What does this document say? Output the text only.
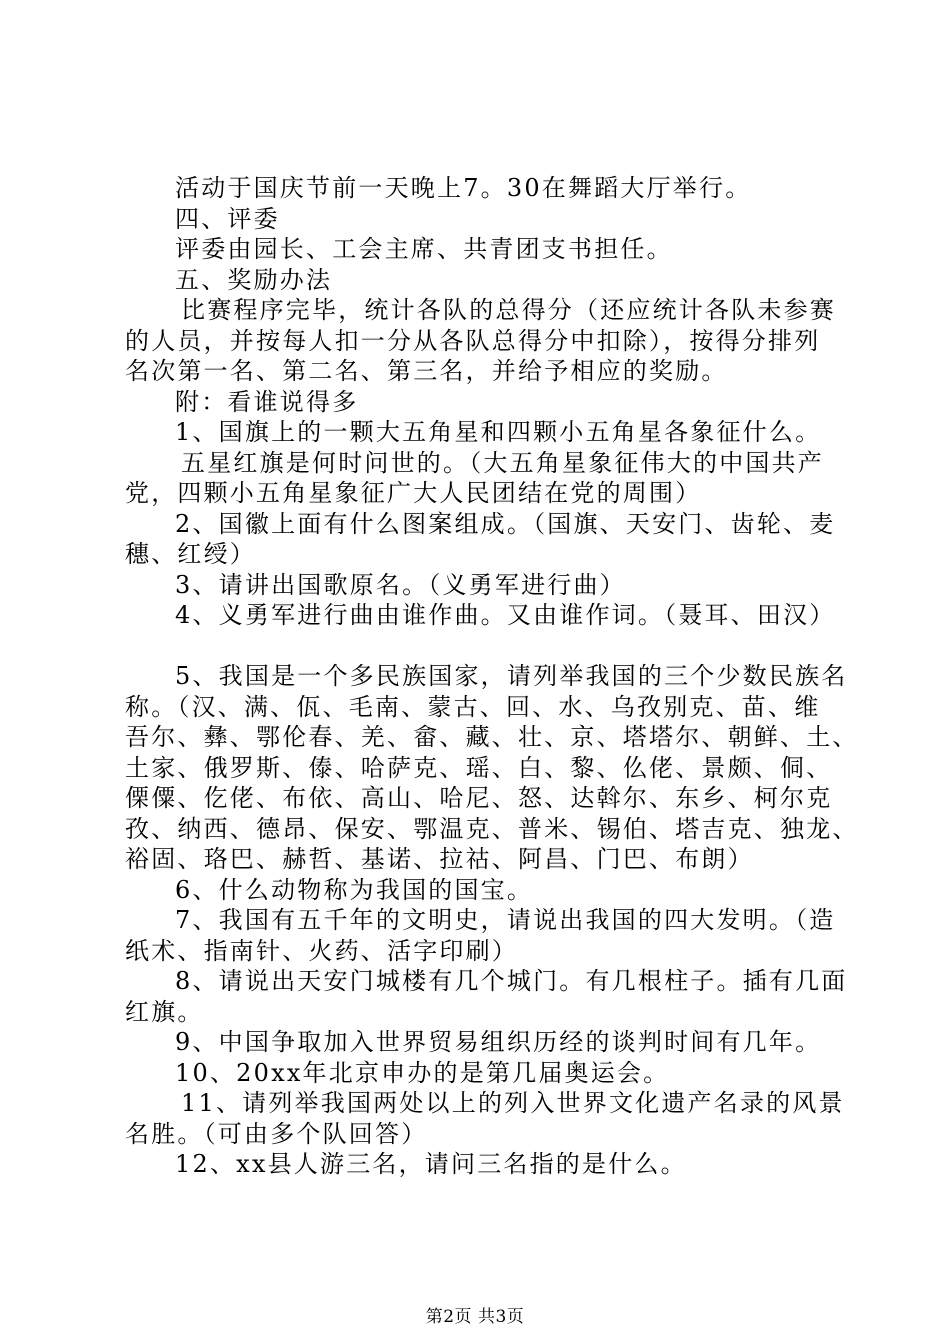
活动于国庆节前一天晚上7。30在舞蹈大厅举行。
四、评委
评委由园长、工会主席、共青团支书担任。
五、奖励办法
比赛程序完毕，统计各队的总得分（还应统计各队未参赛
的人员，并按每人扣一分从各队总得分中扣除），按得分排列
名次第一名、第二名、第三名，并给予相应的奖励。
附：看谁说得多
1、国旗上的一颗大五角星和四颗小五角星各象征什么。
五星红旗是何时问世的。（大五角星象征伟大的中国共产
党，四颗小五角星象征广大人民团结在党的周围）
2、国徽上面有什么图案组成。（国旗、天安门、齿轮、麦
穗、红绶）
3、请讲出国歌原名。（义勇军进行曲）
4、义勇军进行曲由谁作曲。又由谁作词。（聂耳、田汉）
5、我国是一个多民族国家，请列举我国的三个少数民族名
称。（汉、满、佤、毛南、蒙古、回、水、乌孜别克、苗、维
吾尔、彝、鄂伦春、羌、畲、藏、壮、京、塔塔尔、朝鲜、土、
土家、俄罗斯、傣、哈萨克、瑶、白、黎、仫佬、景颇、侗、
傈僳、仡佬、布依、高山、哈尼、怒、达斡尔、东乡、柯尔克
孜、纳西、德昂、保安、鄂温克、普米、锡伯、塔吉克、独龙、
裕固、珞巴、赫哲、基诺、拉祜、阿昌、门巴、布朗）
6、什么动物称为我国的国宝。
7、我国有五千年的文明史，请说出我国的四大发明。（造
纸术、指南针、火药、活字印刷）
8、请说出天安门城楼有几个城门。有几根柱子。插有几面
红旗。
9、中国争取加入世界贸易组织历经的谈判时间有几年。
10、20xx年北京申办的是第几届奥运会。
11、请列举我国两处以上的列入世界文化遗产名录的风景
名胜。（可由多个队回答）
12、xx县人游三名，请问三名指的是什么。
第2页 共3页
